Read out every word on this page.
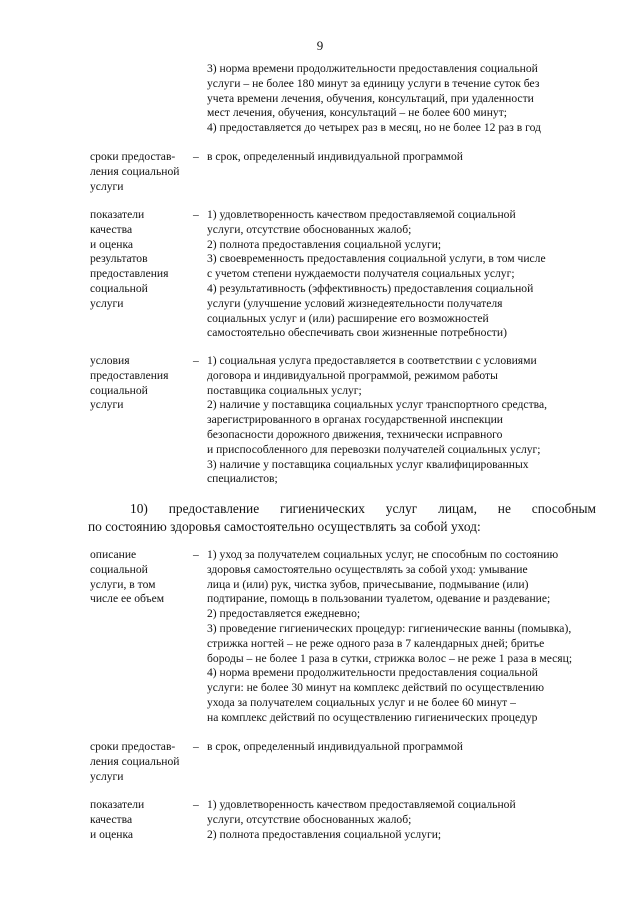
9
3) норма времени продолжительности предоставления социальной
услуги – не более 180 минут за единицу услуги в течение суток без
учета времени лечения, обучения, консультаций, при удаленности
мест лечения, обучения, консультаций – не более 600 минут;
4) предоставляется до четырех раз в месяц, но не более 12 раз в год
сроки предостав-
ления социальной
услуги
– в срок, определенный индивидуальной программой
показатели
качества
и оценка
результатов
предоставления
социальной
услуги
– 1) удовлетворенность качеством предоставляемой социальной
услуги, отсутствие обоснованных жалоб;
2) полнота предоставления социальной услуги;
3) своевременность предоставления социальной услуги, в том числе
с учетом степени нуждаемости получателя социальных услуг;
4) результативность (эффективность) предоставления социальной
услуги (улучшение условий жизнедеятельности получателя
социальных услуг и (или) расширение его возможностей
самостоятельно обеспечивать свои жизненные потребности)
условия
предоставления
социальной
услуги
– 1) социальная услуга предоставляется в соответствии с условиями
договора и индивидуальной программой, режимом работы
поставщика социальных услуг;
2) наличие у поставщика социальных услуг транспортного средства,
зарегистрированного в органах государственной инспекции
безопасности дорожного движения, технически исправного
и приспособленного для перевозки получателей социальных услуг;
3) наличие у поставщика социальных услуг квалифицированных
специалистов;
10) предоставление гигиенических услуг лицам, не способным
по состоянию здоровья самостоятельно осуществлять за собой уход:
описание
социальной
услуги, в том
числе ее объем
– 1) уход за получателем социальных услуг, не способным по состоянию
здоровья самостоятельно осуществлять за собой уход: умывание
лица и (или) рук, чистка зубов, причесывание, подмывание (или)
подтирание, помощь в пользовании туалетом, одевание и раздевание;
2) предоставляется ежедневно;
3) проведение гигиенических процедур: гигиенические ванны (помывка),
стрижка ногтей – не реже одного раза в 7 календарных дней; бритье
бороды – не более 1 раза в сутки, стрижка волос – не реже 1 раза в месяц;
4) норма времени продолжительности предоставления социальной
услуги: не более 30 минут на комплекс действий по осуществлению
ухода за получателем социальных услуг и не более 60 минут –
на комплекс действий по осуществлению гигиенических процедур
сроки предостав-
ления социальной
услуги
– в срок, определенный индивидуальной программой
показатели
качества
и оценка
– 1) удовлетворенность качеством предоставляемой социальной
услуги, отсутствие обоснованных жалоб;
2) полнота предоставления социальной услуги;
